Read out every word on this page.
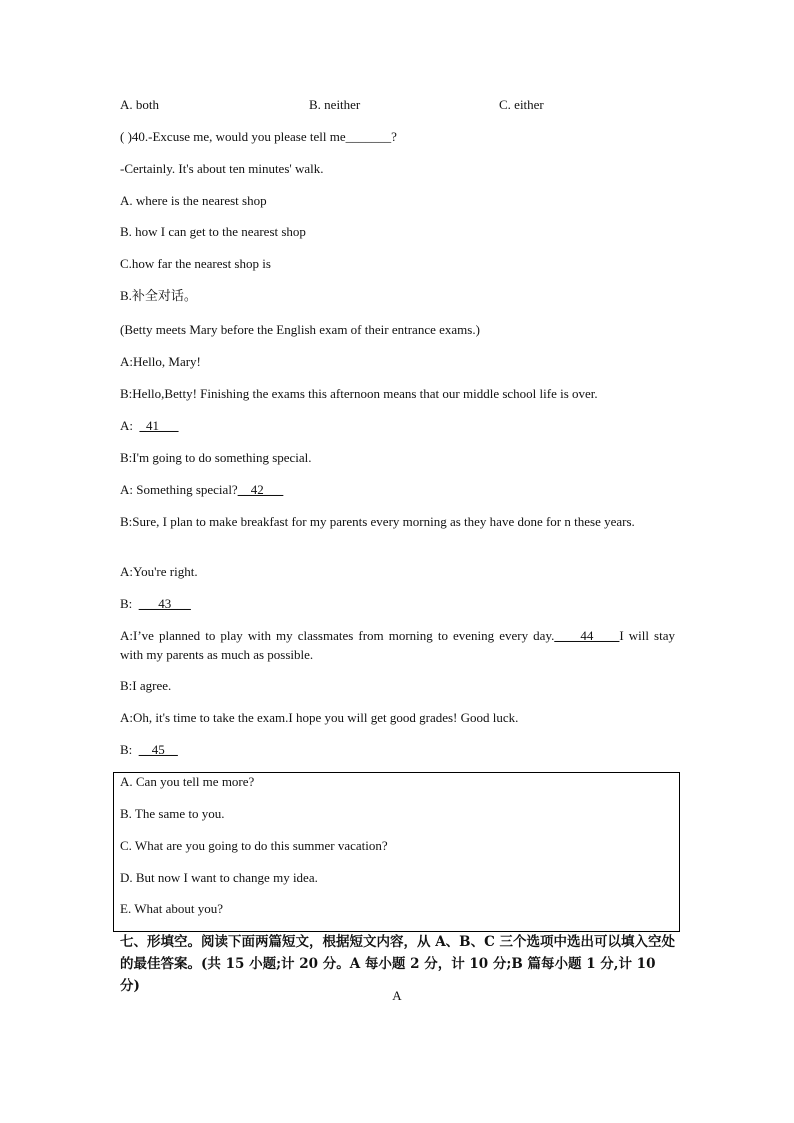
A. both	B. neither	C. either
( )40.-Excuse me, would you please tell me_______?
-Certainly. It's about ten minutes' walk.
A. where is the nearest shop
B. how I can get to the nearest shop
C.how far the nearest shop is
B.补全对话。
(Betty meets Mary before the English exam of their entrance exams.)
A:Hello, Mary!
B:Hello,Betty! Finishing the exams this afternoon means that our middle school life is over.
A:  _41___
B:I'm going to do something special.
A: Something special?__42___
B:Sure, I plan to make breakfast for my parents every morning as they have done for n these years.
A:You're right.
B:  ___43___
A:I’ve planned to play with my classmates from morning to evening every day.____44____I will stay with my parents as much as possible.
B:I agree.
A:Oh, it's time to take the exam.I hope you will get good grades! Good luck.
B:  __45__
A. Can you tell me more?
B. The same to you.
C. What are you going to do this summer vacation?
D. But now I want to change my idea.
E. What about you?
七、形填空。阅读下面两篇短文，根据短文内容，从 A、B、C 三个选项中选出可以填入空处的最佳答案。(共 15 小题;计 20 分。A 每小题 2 分，计 10 分;B 篇每小题 1 分,计 10 分)
A
